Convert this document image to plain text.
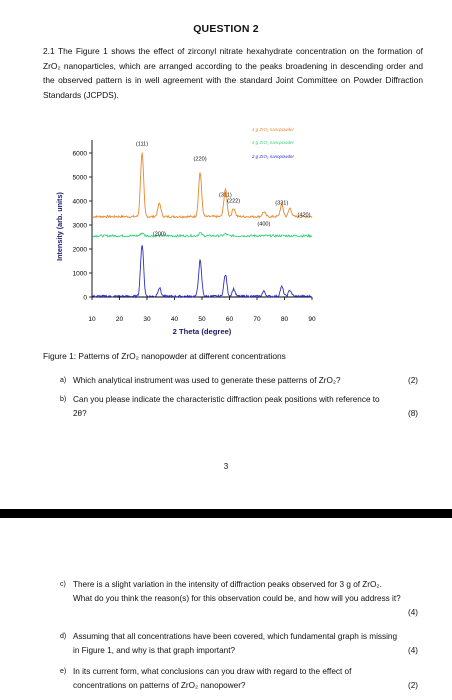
QUESTION 2
2.1 The Figure 1 shows the effect of zirconyl nitrate hexahydrate concentration on the formation of ZrO₂ nanoparticles, which are arranged according to the peaks broadening in descending order and the observed pattern is in well agreement with the standard Joint Committee on Powder Diffraction Standards (JCPDS).
10	20	30	40	50	60	70	80	90
0
1000
2000
3000
4000
5000
6000
2 Theta (degree)
Intensity (arb. units)
(111)
(200)
(220)
(311)
(222)
(400)
(331)
(420)
4 g ZrO₂ nanopowder
3 g ZrO₂ nanopowder
2 g ZrO₂ nanopowder
Figure 1: Patterns of ZrO₂ nanopowder at different concentrations
a) Which analytical instrument was used to generate these patterns of ZrO₂?	(2)
b) Can you please indicate the characteristic diffraction peak positions with reference to 2θ?	(8)
3
c) There is a slight variation in the intensity of diffraction peaks observed for 3 g of ZrO₂. What do you think the reason(s) for this observation could be, and how will you address it?
(4)
d) Assuming that all concentrations have been covered, which fundamental graph is missing in Figure 1, and why is that graph important?	(4)
e) In its current form, what conclusions can you draw with regard to the effect of concentrations on patterns of ZrO₂ nanopower?	(2)
